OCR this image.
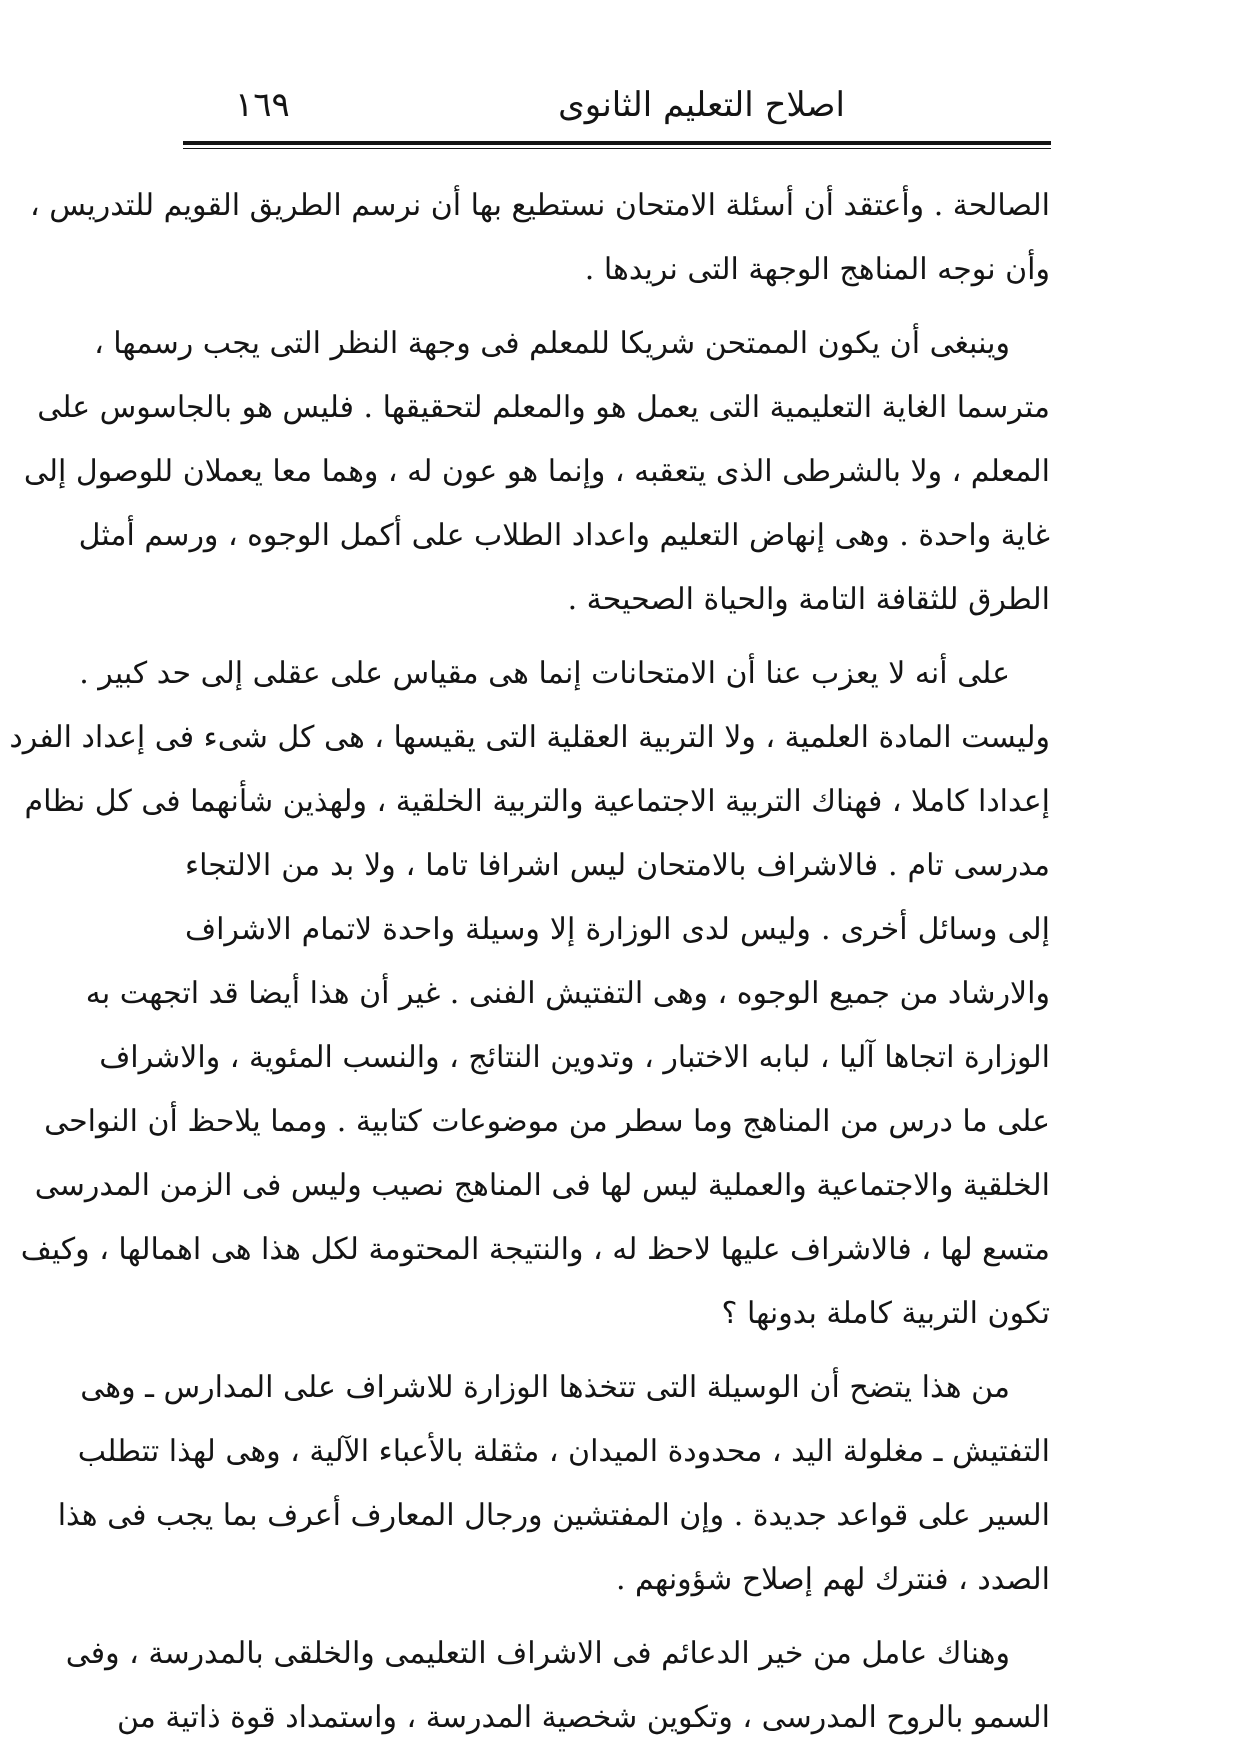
اصلاح التعليم الثانوى
١٦٩
الصالحة . وأعتقد أن أسئلة الامتحان نستطيع بها أن نرسم الطريق القويم للتدريس ،
وأن نوجه المناهج الوجهة التى نريدها .
وينبغى أن يكون الممتحن شريكا للمعلم فى وجهة النظر التى يجب رسمها ،
مترسما الغاية التعليمية التى يعمل هو والمعلم لتحقيقها . فليس هو بالجاسوس على
المعلم ، ولا بالشرطى الذى يتعقبه ، وإنما هو عون له ، وهما معا يعملان للوصول إلى
غاية واحدة . وهى إنهاض التعليم واعداد الطلاب على أكمل الوجوه ، ورسم أمثل
الطرق للثقافة التامة والحياة الصحيحة .
على أنه لا يعزب عنا أن الامتحانات إنما هى مقياس على عقلى إلى حد كبير .
وليست المادة العلمية ، ولا التربية العقلية التى يقيسها ، هى كل شىء فى إعداد الفرد
إعدادا كاملا ، فهناك التربية الاجتماعية والتربية الخلقية ، ولهذين شأنهما فى كل نظام
مدرسى تام . فالاشراف بالامتحان ليس اشرافا تاما ، ولا بد من الالتجاء
إلى وسائل أخرى . وليس لدى الوزارة إلا وسيلة واحدة لاتمام الاشراف
والارشاد من جميع الوجوه ، وهى التفتيش الفنى . غير أن هذا أيضا قد اتجهت به
الوزارة اتجاها آليا ، لبابه الاختبار ، وتدوين النتائج ، والنسب المئوية ، والاشراف
على ما درس من المناهج وما سطر من موضوعات كتابية . ومما يلاحظ أن النواحى
الخلقية والاجتماعية والعملية ليس لها فى المناهج نصيب وليس فى الزمن المدرسى
متسع لها ، فالاشراف عليها لاحظ له ، والنتيجة المحتومة لكل هذا هى اهمالها ، وكيف
تكون التربية كاملة بدونها ؟
من هذا يتضح أن الوسيلة التى تتخذها الوزارة للاشراف على المدارس ـ وهى
التفتيش ـ مغلولة اليد ، محدودة الميدان ، مثقلة بالأعباء الآلية ، وهى لهذا تتطلب
السير على قواعد جديدة . وإن المفتشين ورجال المعارف أعرف بما يجب فى هذا
الصدد ، فنترك لهم إصلاح شؤونهم .
وهناك عامل من خير الدعائم فى الاشراف التعليمى والخلقى بالمدرسة ، وفى
السمو بالروح المدرسى ، وتكوين شخصية المدرسة ، واستمداد قوة ذاتية من
